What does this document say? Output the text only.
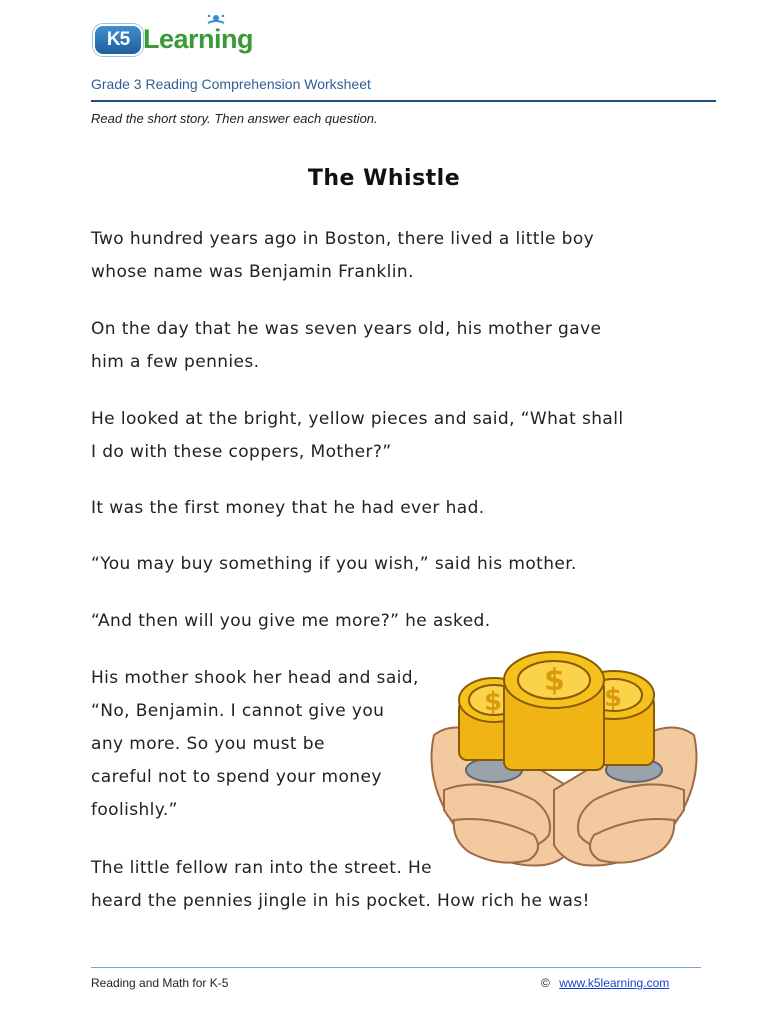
K5 Learning
Grade 3 Reading Comprehension Worksheet
Read the short story. Then answer each question.
The Whistle

Two hundred years ago in Boston, there lived a little boy
whose name was Benjamin Franklin.

On the day that he was seven years old, his mother gave
him a few pennies.

He looked at the bright, yellow pieces and said, “What shall
I do with these coppers, Mother?”

It was the first money that he had ever had.

“You may buy something if you wish,” said his mother.

“And then will you give me more?” he asked.

His mother shook her head and said,
“No, Benjamin. I cannot give you
any more. So you must be
careful not to spend your money
foolishly.”

The little fellow ran into the street. He
heard the pennies jingle in his pocket. How rich he was!

$
$	$
Reading and Math for K-5	© www.k5learning.com
